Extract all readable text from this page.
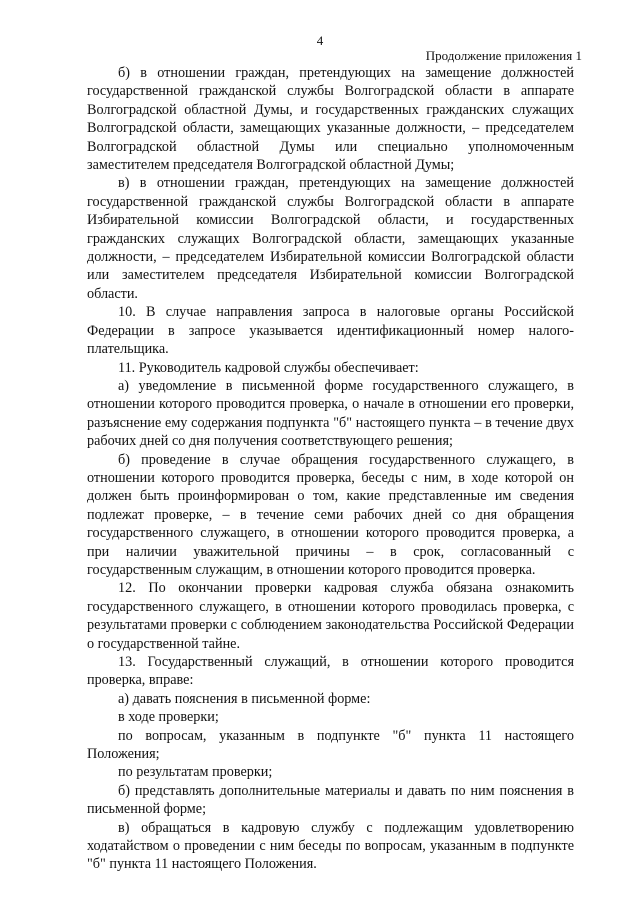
4
Продолжение приложения 1

б) в отношении граждан, претендующих на замещение должностей государственной гражданской службы Волгоградской области в аппарате Волгоградской областной Думы, и государственных гражданских служащих Волгоградской области, замещающих указанные должности, – председателем Волгоградской областной Думы или специально уполномоченным заместителем председателя Волгоградской областной Думы;

в) в отношении граждан, претендующих на замещение должностей государственной гражданской службы Волгоградской области в аппарате Избирательной комиссии Волгоградской области, и государственных гражданских служащих Волгоградской области, замещающих указанные должности, – председателем Избирательной комиссии Волгоградской области или заместителем председателя Избирательной комиссии Волгоградской области.

10. В случае направления запроса в налоговые органы Российской Федерации в запросе указывается идентификационный номер налого-плательщика.

11. Руководитель кадровой службы обеспечивает:

а) уведомление в письменной форме государственного служащего, в отношении которого проводится проверка, о начале в отношении его проверки, разъяснение ему содержания подпункта "б" настоящего пункта – в течение двух рабочих дней со дня получения соответствующего решения;

б) проведение в случае обращения государственного служащего, в отношении которого проводится проверка, беседы с ним, в ходе которой он должен быть проинформирован о том, какие представленные им сведения подлежат проверке, – в течение семи рабочих дней со дня обращения государственного служащего, в отношении которого проводится проверка, а при наличии уважительной причины – в срок, согласованный с государственным служащим, в отношении которого проводится проверка.

12. По окончании проверки кадровая служба обязана ознакомить государственного служащего, в отношении которого проводилась проверка, с результатами проверки с соблюдением законодательства Российской Федерации о государственной тайне.

13. Государственный служащий, в отношении которого проводится проверка, вправе:

а) давать пояснения в письменной форме:

в ходе проверки;

по вопросам, указанным в подпункте "б" пункта 11 настоящего Положения;

по результатам проверки;

б) представлять дополнительные материалы и давать по ним пояснения в письменной форме;

в) обращаться в кадровую службу с подлежащим удовлетворению ходатайством о проведении с ним беседы по вопросам, указанным в подпункте "б" пункта 11 настоящего Положения.
